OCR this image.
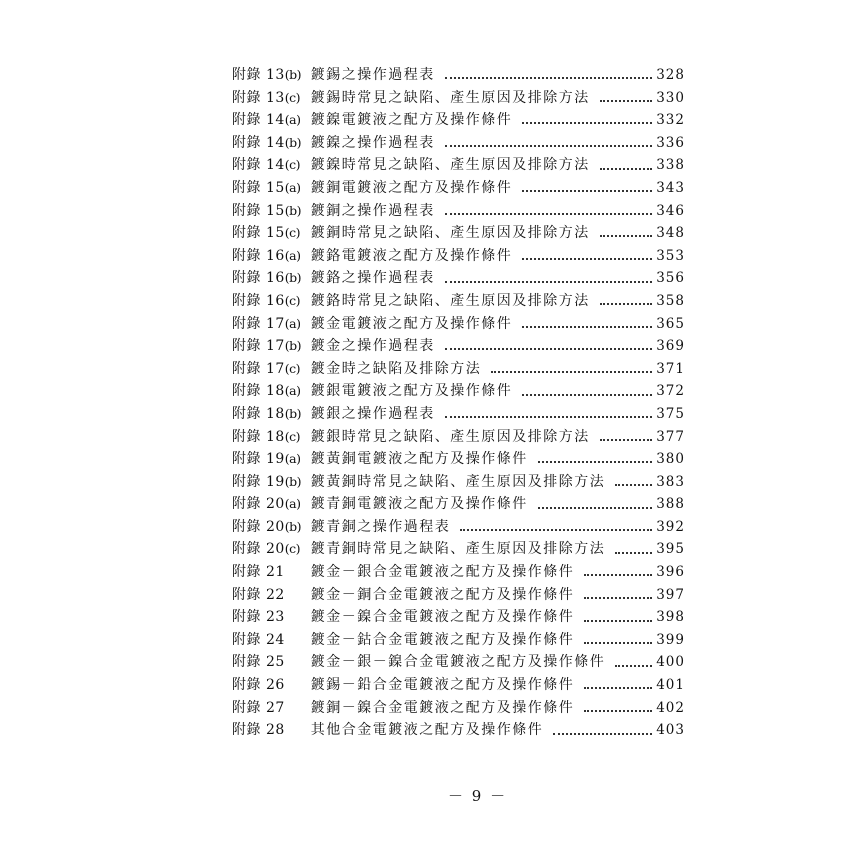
附錄 13 (b) 鍍錫之操作過程表	328
附錄 13 (c) 鍍錫時常見之缺陷、產生原因及排除方法	330
附錄 14 (a) 鍍鎳電鍍液之配方及操作條件	332
附錄 14 (b) 鍍鎳之操作過程表	336
附錄 14 (c) 鍍鎳時常見之缺陷、產生原因及排除方法	338
附錄 15 (a) 鍍銅電鍍液之配方及操作條件	343
附錄 15 (b) 鍍銅之操作過程表	346
附錄 15 (c) 鍍銅時常見之缺陷、產生原因及排除方法	348
附錄 16 (a) 鍍鉻電鍍液之配方及操作條件	353
附錄 16 (b) 鍍鉻之操作過程表	356
附錄 16 (c) 鍍鉻時常見之缺陷、產生原因及排除方法	358
附錄 17 (a) 鍍金電鍍液之配方及操作條件	365
附錄 17 (b) 鍍金之操作過程表	369
附錄 17 (c) 鍍金時之缺陷及排除方法	371
附錄 18 (a) 鍍銀電鍍液之配方及操作條件	372
附錄 18 (b) 鍍銀之操作過程表	375
附錄 18 (c) 鍍銀時常見之缺陷、產生原因及排除方法	377
附錄 19 (a) 鍍黃銅電鍍液之配方及操作條件	380
附錄 19 (b) 鍍黃銅時常見之缺陷、產生原因及排除方法	383
附錄 20 (a) 鍍青銅電鍍液之配方及操作條件	388
附錄 20 (b) 鍍青銅之操作過程表	392
附錄 20 (c) 鍍青銅時常見之缺陷、產生原因及排除方法	395
附錄 21 鍍金－銀合金電鍍液之配方及操作條件	396
附錄 22 鍍金－銅合金電鍍液之配方及操作條件	397
附錄 23 鍍金－鎳合金電鍍液之配方及操作條件	398
附錄 24 鍍金－鈷合金電鍍液之配方及操作條件	399
附錄 25 鍍金－銀－鎳合金電鍍液之配方及操作條件	400
附錄 26 鍍錫－鉛合金電鍍液之配方及操作條件	401
附錄 27 鍍銅－鎳合金電鍍液之配方及操作條件	402
附錄 28 其他合金電鍍液之配方及操作條件	403
－ 9 －
